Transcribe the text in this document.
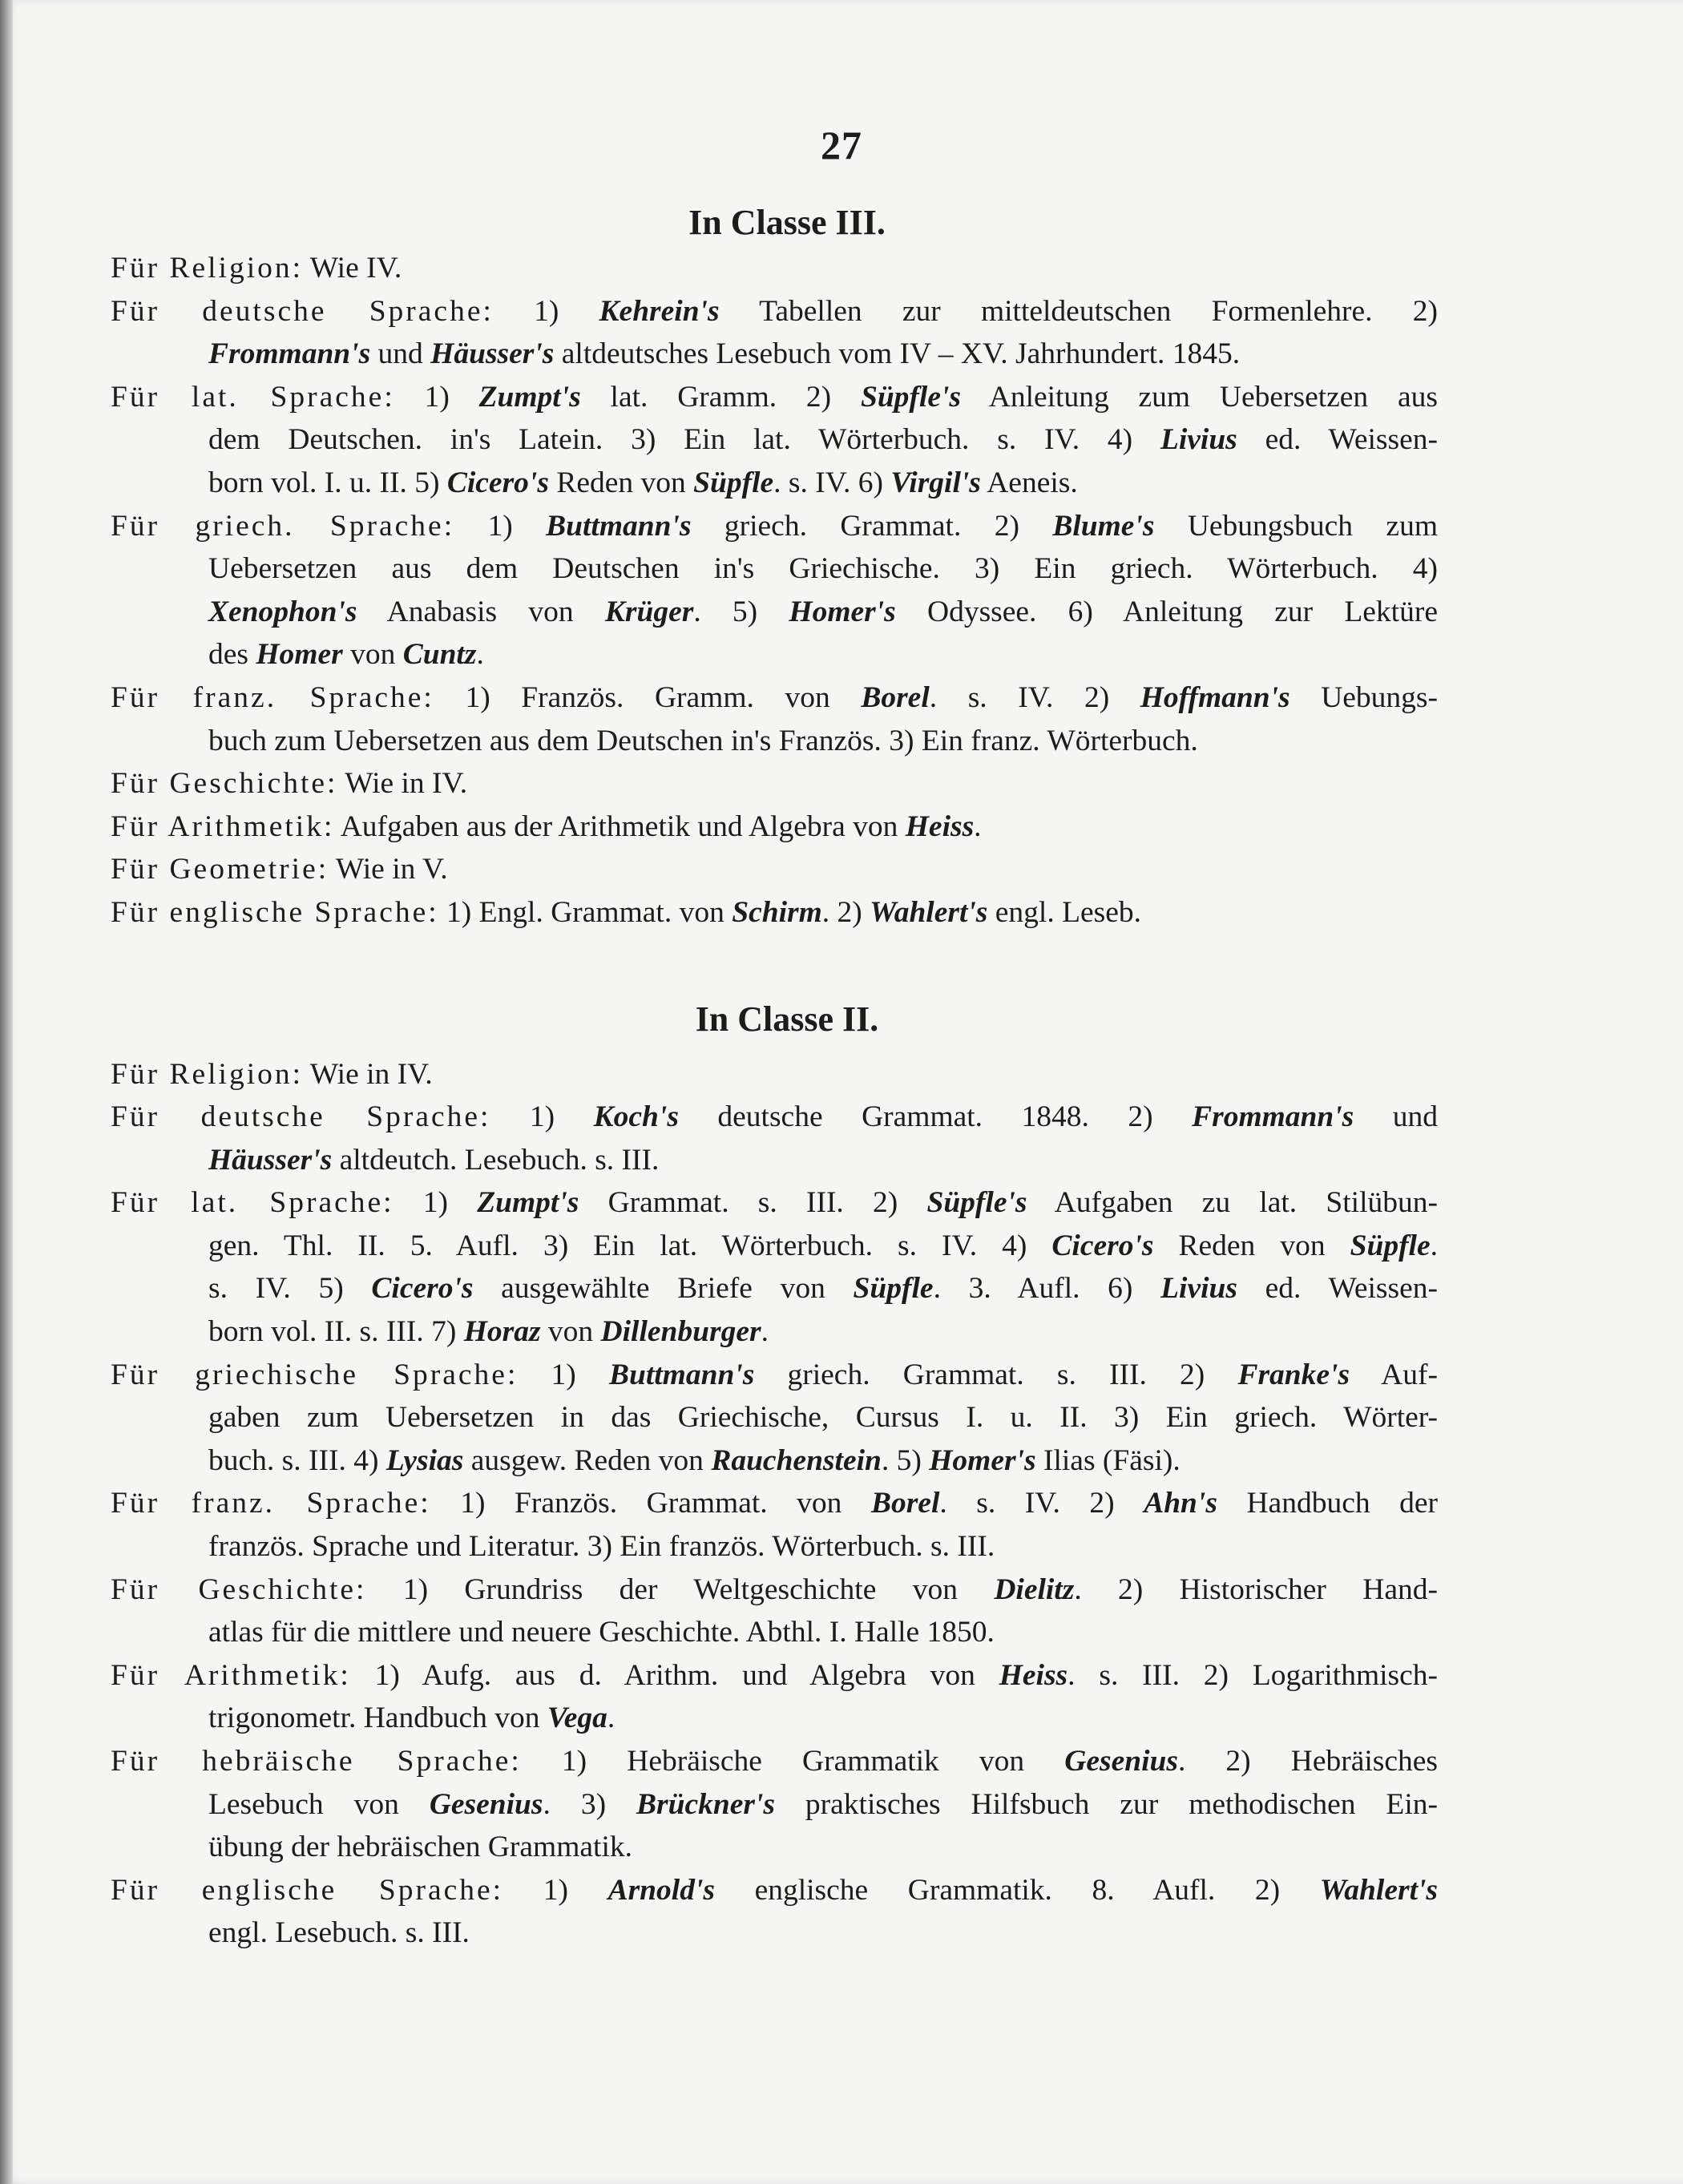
27
In Classe III.
Für Religion: Wie IV.
Für deutsche Sprache: 1) Kehrein's Tabellen zur mitteldeutschen Formenlehre. 2)
Frommann's und Häusser's altdeutsches Lesebuch vom IV – XV. Jahrhundert. 1845.
Für lat. Sprache: 1) Zumpt's lat. Gramm. 2) Süpfle's Anleitung zum Uebersetzen aus
dem Deutschen. in's Latein. 3) Ein lat. Wörterbuch. s. IV. 4) Livius ed. Weissen-
born vol. I. u. II. 5) Cicero's Reden von Süpfle. s. IV. 6) Virgil's Aeneis.
Für griech. Sprache: 1) Buttmann's griech. Grammat. 2) Blume's Uebungsbuch zum
Uebersetzen aus dem Deutschen in's Griechische. 3) Ein griech. Wörterbuch. 4)
Xenophon's Anabasis von Krüger. 5) Homer's Odyssee. 6) Anleitung zur Lektüre
des Homer von Cuntz.
Für franz. Sprache: 1) Französ. Gramm. von Borel. s. IV. 2) Hoffmann's Uebungs-
buch zum Uebersetzen aus dem Deutschen in's Französ. 3) Ein franz. Wörterbuch.
Für Geschichte: Wie in IV.
Für Arithmetik: Aufgaben aus der Arithmetik und Algebra von Heiss.
Für Geometrie: Wie in V.
Für englische Sprache: 1) Engl. Grammat. von Schirm. 2) Wahlert's engl. Leseb.
In Classe II.
Für Religion: Wie in IV.
Für deutsche Sprache: 1) Koch's deutsche Grammat. 1848. 2) Frommann's und
Häusser's altdeutch. Lesebuch. s. III.
Für lat. Sprache: 1) Zumpt's Grammat. s. III. 2) Süpfle's Aufgaben zu lat. Stilübun-
gen. Thl. II. 5. Aufl. 3) Ein lat. Wörterbuch. s. IV. 4) Cicero's Reden von Süpfle.
s. IV. 5) Cicero's ausgewählte Briefe von Süpfle. 3. Aufl. 6) Livius ed. Weissen-
born vol. II. s. III. 7) Horaz von Dillenburger.
Für griechische Sprache: 1) Buttmann's griech. Grammat. s. III. 2) Franke's Auf-
gaben zum Uebersetzen in das Griechische, Cursus I. u. II. 3) Ein griech. Wörter-
buch. s. III. 4) Lysias ausgew. Reden von Rauchenstein. 5) Homer's Ilias (Fäsi).
Für franz. Sprache: 1) Französ. Grammat. von Borel. s. IV. 2) Ahn's Handbuch der
französ. Sprache und Literatur. 3) Ein französ. Wörterbuch. s. III.
Für Geschichte: 1) Grundriss der Weltgeschichte von Dielitz. 2) Historischer Hand-
atlas für die mittlere und neuere Geschichte. Abthl. I. Halle 1850.
Für Arithmetik: 1) Aufg. aus d. Arithm. und Algebra von Heiss. s. III. 2) Logarithmisch-
trigonometr. Handbuch von Vega.
Für hebräische Sprache: 1) Hebräische Grammatik von Gesenius. 2) Hebräisches
Lesebuch von Gesenius. 3) Brückner's praktisches Hilfsbuch zur methodischen Ein-
übung der hebräischen Grammatik.
Für englische Sprache: 1) Arnold's englische Grammatik. 8. Aufl. 2) Wahlert's
engl. Lesebuch. s. III.
